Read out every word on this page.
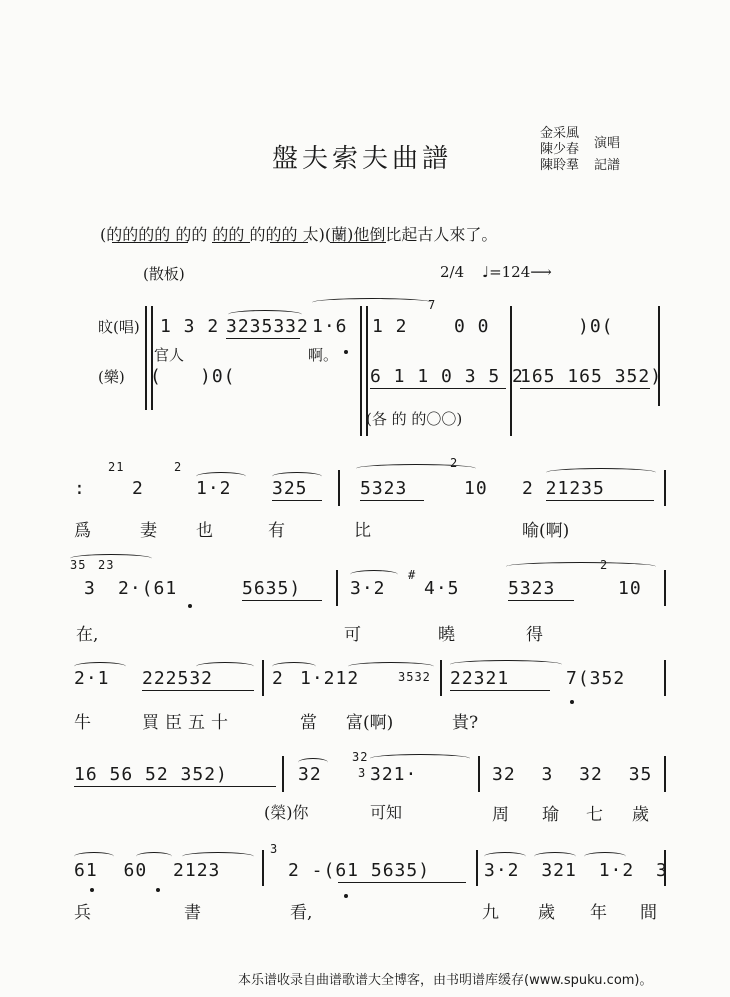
盤夫索夫曲譜
金采風
陳少春
陳聆羣
演唱
記譜
(的的的的 的的 的的 的的的 太)(蘭)他倒比起古人來了。
(散板)	2/4 ♩=124⟶
旼(唱)
(樂)
1 3 2 3235332 1·6 1 2
7
0 0	)0(
官人	啊。
( )0(	6 1 1 0 3 5 2
165 165 352)
(各 的 的〇〇)
:
21
2
2
1·2 325	5323
2
10 2 21235
爲	妻 也	有	比	喻(啊)
35 23
3 2·(61	5635)	3·2
#
4·5	5323
2
10
在,	可	曉	得
2·1 222532	2 1·212	3532 22321	7(352
牛	買臣五十	當 富(啊)	貴?
16 56 52 352)	32
32
3 321·	32 3 32 35
(榮)你	可知	周 瑜 七 歲
61 60 2123
3
2 -(61 5635)	3·2 321 1·2 3
兵	書	看,	九 歲 年 間
本乐谱收录自曲谱歌谱大全博客，由书明谱库缓存(www.spuku.com)。
